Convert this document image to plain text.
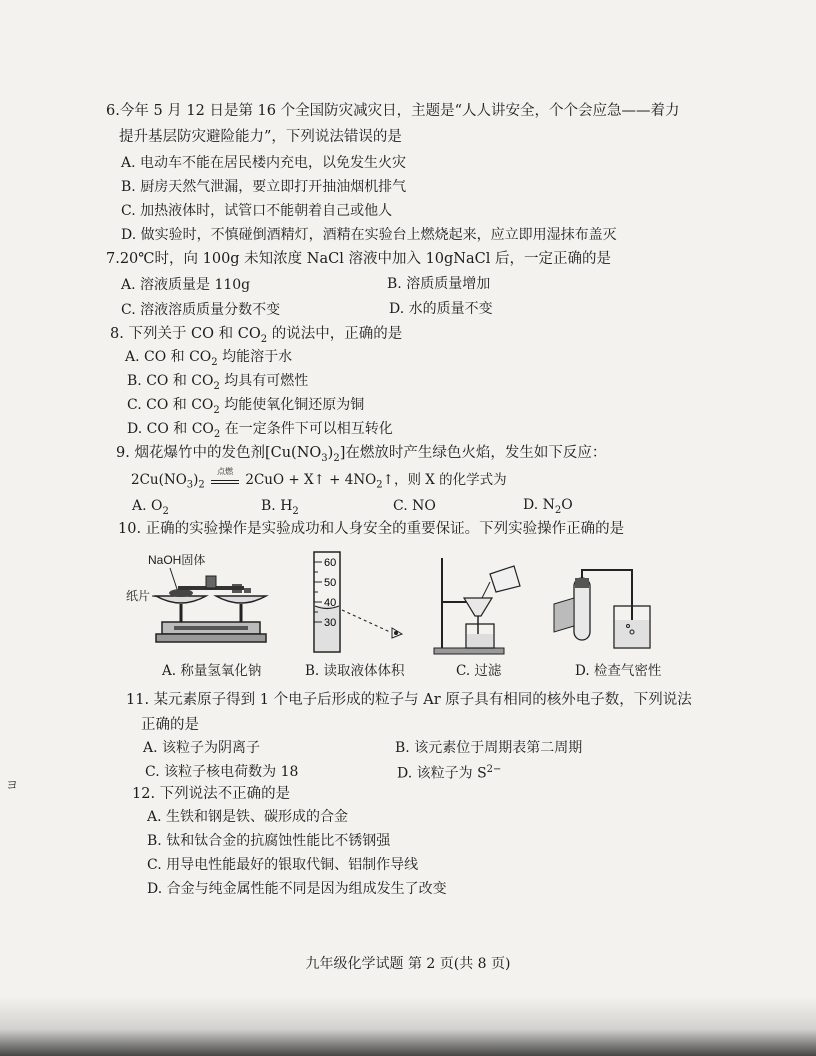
6.今年 5 月 12 日是第 16 个全国防灾减灾日，主题是“人人讲安全，个个会应急——着力
提升基层防灾避险能力”，下列说法错误的是
A. 电动车不能在居民楼内充电，以免发生火灾
B. 厨房天然气泄漏，要立即打开抽油烟机排气
C. 加热液体时，试管口不能朝着自己或他人
D. 做实验时，不慎碰倒酒精灯，酒精在实验台上燃烧起来，应立即用湿抹布盖灭
7.20℃时，向 100g 未知浓度 NaCl 溶液中加入 10gNaCl 后，一定正确的是
A. 溶液质量是 110g	B. 溶质质量增加
C. 溶液溶质质量分数不变	D. 水的质量不变
8. 下列关于 CO 和 $CO_2$ 的说法中，正确的是
A. CO 和 $CO_2$ 均能溶于水
B. CO 和 $CO_2$ 均具有可燃性
C. CO 和 $CO_2$ 均能使氧化铜还原为铜
D. CO 和 $CO_2$ 在一定条件下可以相互转化
9. 烟花爆竹中的发色剂$[Cu(NO_3)_2]$在燃放时产生绿色火焰，发生如下反应：
$2Cu(NO_3)_2$
点燃
2CuO + X↑ + $4NO_2↑$，则 X 的化学式为
A. $O_2$	B. $H_2$	C. NO	D. $N_2O$
10. 正确的实验操作是实验成功和人身安全的重要保证。下列实验操作正确的是
NaOH固体
纸片
A. 称量氢氧化钠
60
50
40
30
B. 读取液体体积	C. 过滤	D. 检查气密性
11. 某元素原子得到 1 个电子后形成的粒子与 Ar 原子具有相同的核外电子数，下列说法
正确的是
A. 该粒子为阴离子	B. 该元素位于周期表第二周期
C. 该粒子核电荷数为 18	D. 该粒子为 $S^{2-}$
12. 下列说法不正确的是
A. 生铁和钢是铁、碳形成的合金
B. 钛和钛合金的抗腐蚀性能比不锈钢强
C. 用导电性能最好的银取代铜、铝制作导线
D. 合金与纯金属性能不同是因为组成发生了改变
九年级化学试题 第 2 页(共 8 页)
ヨ
